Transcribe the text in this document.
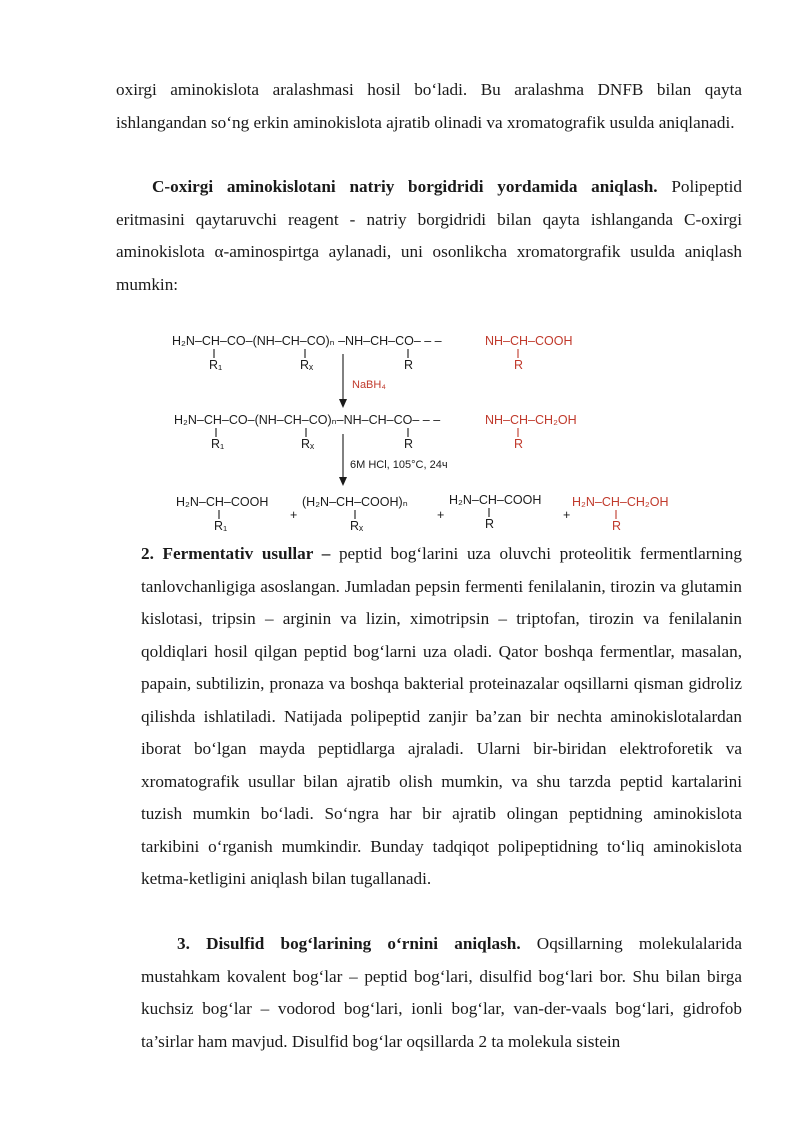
oxirgi aminokislota aralashmasi hosil bo‘ladi. Bu aralashma DNFB bilan qayta ishlangandan so‘ng erkin aminokislota ajratib olinadi va xromatografik usulda aniqlanadi.

C-oxirgi aminokislotani natriy borgidridi yordamida aniqlash. Polipeptid eritmasini qaytaruvchi reagent - natriy borgidridi bilan qayta ishlanganda C-oxirgi aminokislota α-aminospirtga aylanadi, uni osonlikcha xromatorgrafik usulda aniqlash mumkin:

H₂N–CH–CO–(NH–CH–CO)ₙ –NH–CH–CO– – –	NH–CH–COOH
R₁	Rₓ	R	R
NaBH₄
H₂N–CH–CO–(NH–CH–CO)ₙ–NH–CH–CO– – –	NH–CH–CH₂OH
R₁	Rₓ	R	R
6M HCl, 105°C, 24ч
H₂N–CH–COOH
+
(H₂N–CH–COOH)ₙ
+
H₂N–CH–COOH
+
H₂N–CH–CH₂OH
R₁	Rₓ	R	R

2. Fermentativ usullar – peptid bog‘larini uza oluvchi proteolitik fermentlarning tanlovchanligiga asoslangan. Jumladan pepsin fermenti fenilalanin, tirozin va glutamin kislotasi, tripsin – arginin va lizin, ximotripsin – triptofan, tirozin va fenilalanin qoldiqlari hosil qilgan peptid bog‘larni uza oladi. Qator boshqa fermentlar, masalan, papain, subtilizin, pronaza va boshqa bakterial proteinazalar oqsillarni qisman gidroliz qilishda ishlatiladi. Natijada polipeptid zanjir ba’zan bir nechta aminokislotalardan iborat bo‘lgan mayda peptidlarga ajraladi. Ularni bir-biridan elektroforetik va xromatografik usullar bilan ajratib olish mumkin, va shu tarzda peptid kartalarini tuzish mumkin bo‘ladi. So‘ngra har bir ajratib olingan peptidning aminokislota tarkibini o‘rganish mumkindir. Bunday tadqiqot polipeptidning to‘liq aminokislota ketma-ketligini aniqlash bilan tugallanadi.

3. Disulfid bog‘larining o‘rnini aniqlash. Oqsillarning molekulalarida mustahkam kovalent bog‘lar – peptid bog‘lari, disulfid bog‘lari bor. Shu bilan birga kuchsiz bog‘lar – vodorod bog‘lari, ionli bog‘lar, van-der-vaals bog‘lari, gidrofob ta’sirlar ham mavjud. Disulfid bog‘lar oqsillarda 2 ta molekula sistein
